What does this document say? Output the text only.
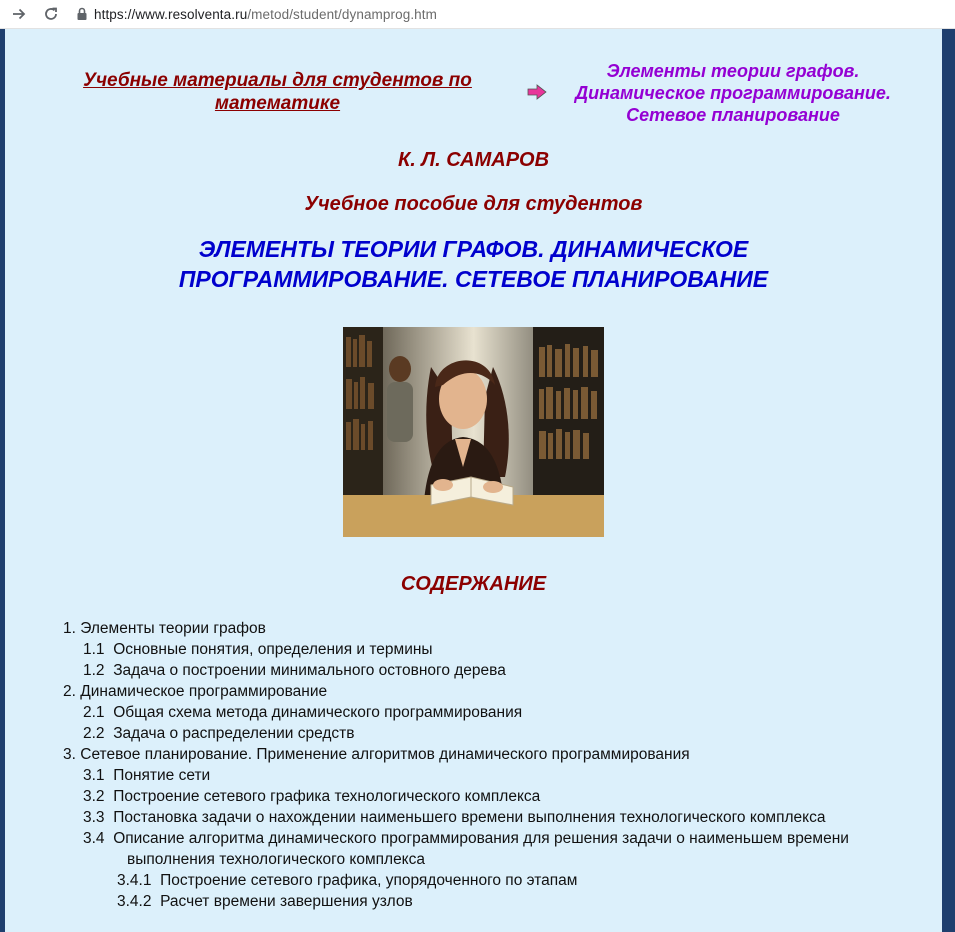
https://www.resolventa.ru/metod/student/dynamprog.htm
Учебные материалы для студентов по
математике
Элементы теории графов.
Динамическое программирование.
Сетевое планирование
К. Л. САМАРОВ
Учебное пособие для студентов
ЭЛЕМЕНТЫ ТЕОРИИ ГРАФОВ. ДИНАМИЧЕСКОЕ
ПРОГРАММИРОВАНИЕ. СЕТЕВОЕ ПЛАНИРОВАНИЕ
СОДЕРЖАНИЕ
1. Элементы теории графов
1.1 Основные понятия, определения и термины
1.2 Задача о построении минимального остовного дерева
2. Динамическое программирование
2.1 Общая схема метода динамического программирования
2.2 Задача о распределении средств
3. Сетевое планирование. Применение алгоритмов динамического программирования
3.1 Понятие сети
3.2 Построение сетевого графика технологического комплекса
3.3 Постановка задачи о нахождении наименьшего времени выполнения технологического комплекса
3.4 Описание алгоритма динамического программирования для решения задачи о наименьшем времени выполнения технологического комплекса
3.4.1 Построение сетевого графика, упорядоченного по этапам
3.4.2 Расчет времени завершения узлов
